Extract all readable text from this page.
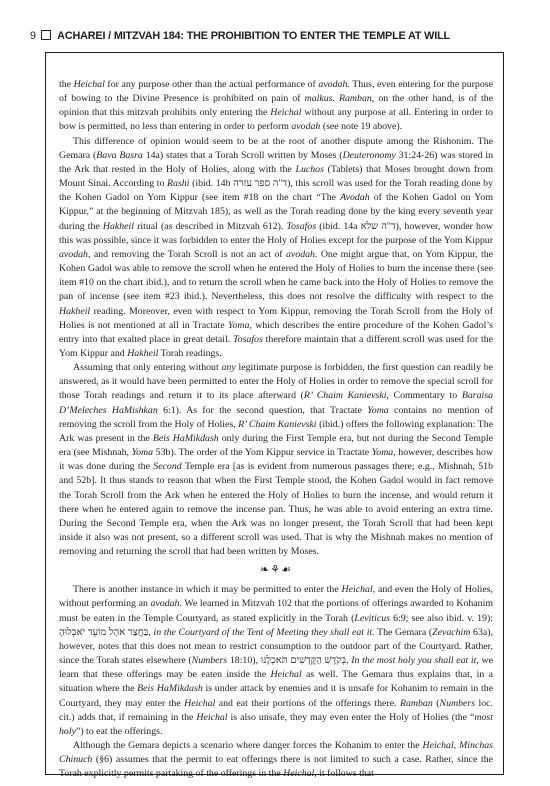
9 ACHAREI / MITZVAH 184: THE PROHIBITION TO ENTER THE TEMPLE AT WILL

the Heichal for any purpose other than the actual performance of avodah. Thus, even entering for the purpose of bowing to the Divine Presence is prohibited on pain of malkus. Ramban, on the other hand, is of the opinion that this mitzvah prohibits only entering the Heichal without any purpose at all. Entering in order to bow is permitted, no less than entering in order to perform avodah (see note 19 above).

This difference of opinion would seem to be at the root of another dispute among the Rishonim. The Gemara (Bava Basra 14a) states that a Torah Scroll written by Moses (Deuteronomy 31:24-26) was stored in the Ark that rested in the Holy of Holies, along with the Luchos (Tablets) that Moses brought down from Mount Sinai. According to Rashi (ibid. 14b ד"ה ספר עזרה), this scroll was used for the Torah reading done by the Kohen Gadol on Yom Kippur (see item #18 on the chart “The Avodah of the Kohen Gadol on Yom Kippur,” at the beginning of Mitzvah 185), as well as the Torah reading done by the king every seventh year during the Hakheil ritual (as described in Mitzvah 612). Tosafos (ibid. 14a ד"ה שלא), however, wonder how this was possible, since it was forbidden to enter the Holy of Holies except for the purpose of the Yom Kippur avodah, and removing the Torah Scroll is not an act of avodah. One might argue that, on Yom Kippur, the Kohen Gadol was able to remove the scroll when he entered the Holy of Holies to burn the incense there (see item #10 on the chart ibid.), and to return the scroll when he came back into the Holy of Holies to remove the pan of incense (see item #23 ibid.). Nevertheless, this does not resolve the difficulty with respect to the Hakheil reading. Moreover, even with respect to Yom Kippur, removing the Torah Scroll from the Holy of Holies is not mentioned at all in Tractate Yoma, which describes the entire procedure of the Kohen Gadol’s entry into that exalted place in great detail. Tosafos therefore maintain that a different scroll was used for the Yom Kippur and Hakheil Torah readings.

Assuming that only entering without any legitimate purpose is forbidden, the first question can readily be answered, as it would have been permitted to enter the Holy of Holies in order to remove the special scroll for those Torah readings and return it to its place afterward (R’ Chaim Kanievski, Commentary to Baraisa D’Meleches HaMishkan 6:1). As for the second question, that Tractate Yoma contains no mention of removing the scroll from the Holy of Holies, R’ Chaim Kanievski (ibid.) offers the following explanation: The Ark was present in the Beis HaMikdash only during the First Temple era, but not during the Second Temple era (see Mishnah, Yoma 53b). The order of the Yom Kippur service in Tractate Yoma, however, describes how it was done during the Second Temple era [as is evident from numerous passages there; e.g., Mishnah, 51b and 52b]. It thus stands to reason that when the First Temple stood, the Kohen Gadol would in fact remove the Torah Scroll from the Ark when he entered the Holy of Holies to burn the incense, and would return it there when he entered again to remove the incense pan. Thus, he was able to avoid entering an extra time. During the Second Temple era, when the Ark was no longer present, the Torah Scroll that had been kept inside it also was not present, so a different scroll was used. That is why the Mishnah makes no mention of removing and returning the scroll that had been written by Moses.

❧⚘☙

There is another instance in which it may be permitted to enter the Heichal, and even the Holy of Holies, without performing an avodah. We learned in Mitzvah 102 that the portions of offerings awarded to Kohanim must be eaten in the Temple Courtyard, as stated explicitly in the Torah (Leviticus 6:9; see also ibid. v. 19): בַּחֲצַר אֹהֶל מוֹעֵד יֹאכְלוּהָ, in the Courtyard of the Tent of Meeting they shall eat it. The Gemara (Zevachim 63a), however, notes that this does not mean to restrict consumption to the outdoor part of the Courtyard. Rather, since the Torah states elsewhere (Numbers 18:10), בְּקֹדֶשׁ הַקֳּדָשִׁים תֹּאכְלֶנּוּ, In the most holy you shall eat it, we learn that these offerings may be eaten inside the Heichal as well. The Gemara thus explains that, in a situation where the Beis HaMikdash is under attack by enemies and it is unsafe for Kohanim to remain in the Courtyard, they may enter the Heichal and eat their portions of the offerings there. Ramban (Numbers loc. cit.) adds that, if remaining in the Heichal is also unsafe, they may even enter the Holy of Holies (the “most holy”) to eat the offerings.

Although the Gemara depicts a scenario where danger forces the Kohanim to enter the Heichal, Minchas Chinuch (§6) assumes that the permit to eat offerings there is not limited to such a case. Rather, since the Torah explicitly permits partaking of the offerings in the Heichal, it follows that
